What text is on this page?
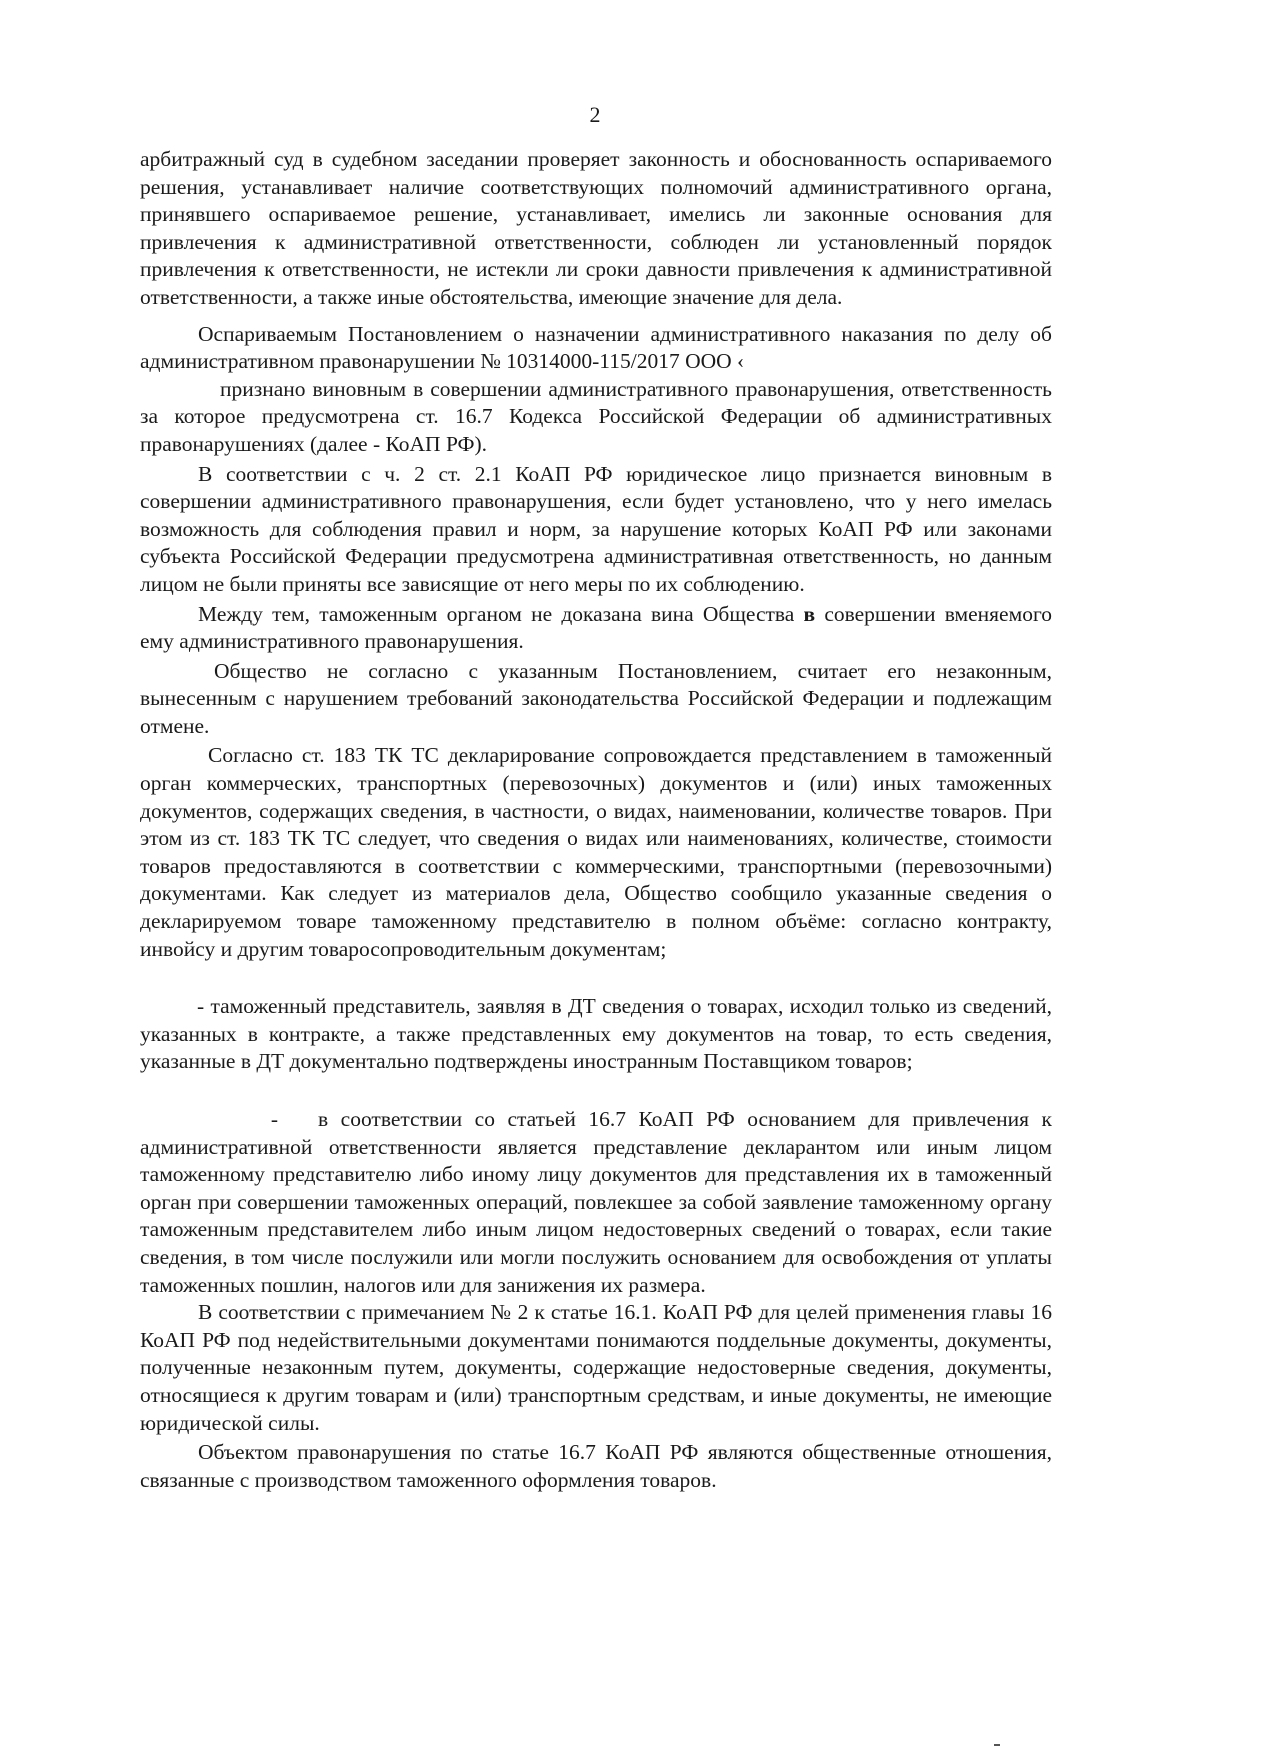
2

арбитражный суд в судебном заседании проверяет законность и обоснованность оспариваемого решения, устанавливает наличие соответствующих полномочий административного органа, принявшего оспариваемое решение, устанавливает, имелись ли законные основания для привлечения к административной ответственности, соблюден ли установленный порядок привлечения к ответственности, не истекли ли сроки давности привлечения к административной ответственности, а также иные обстоятельства, имеющие значение для дела.

Оспариваемым Постановлением о назначении административного наказания по делу об административном правонарушении № 10314000-115/2017 ООО ‹
признано виновным в совершении административного правонарушения, ответственность за которое предусмотрена ст. 16.7 Кодекса Российской Федерации об административных правонарушениях (далее - КоАП РФ).

В соответствии с ч. 2 ст. 2.1 КоАП РФ юридическое лицо признается виновным в совершении административного правонарушения, если будет установлено, что у него имелась возможность для соблюдения правил и норм, за нарушение которых КоАП РФ или законами субъекта Российской Федерации предусмотрена административная ответственность, но данным лицом не были приняты все зависящие от него меры по их соблюдению.

Между тем, таможенным органом не доказана вина Общества в совершении вменяемого ему административного правонарушения.

Общество не согласно с указанным Постановлением, считает его незаконным, вынесенным с нарушением требований законодательства Российской Федерации и подлежащим отмене.

Согласно ст. 183 ТК ТС декларирование сопровождается представлением в таможенный орган коммерческих, транспортных (перевозочных) документов и (или) иных таможенных документов, содержащих сведения, в частности, о видах, наименовании, количестве товаров. При этом из ст. 183 ТК ТС следует, что сведения о видах или наименованиях, количестве, стоимости товаров предоставляются в соответствии с коммерческими, транспортными (перевозочными) документами. Как следует из материалов дела, Общество сообщило указанные сведения о декларируемом товаре таможенному представителю в полном объёме: согласно контракту, инвойсу и другим товаросопроводительным документам;

- таможенный представитель, заявляя в ДТ сведения о товарах, исходил только из сведений, указанных в контракте, а также представленных ему документов на товар, то есть сведения, указанные в ДТ документально подтверждены иностранным Поставщиком товаров;

- в соответствии со статьей 16.7 КоАП РФ основанием для привлечения к административной ответственности является представление декларантом или иным лицом таможенному представителю либо иному лицу документов для представления их в таможенный орган при совершении таможенных операций, повлекшее за собой заявление таможенному органу таможенным представителем либо иным лицом недостоверных сведений о товарах, если такие сведения, в том числе послужили или могли послужить основанием для освобождения от уплаты таможенных пошлин, налогов или для занижения их размера.

В соответствии с примечанием № 2 к статье 16.1. КоАП РФ для целей применения главы 16 КоАП РФ под недействительными документами понимаются поддельные документы, документы, полученные незаконным путем, документы, содержащие недостоверные сведения, документы, относящиеся к другим товарам и (или) транспортным средствам, и иные документы, не имеющие юридической силы.

Объектом правонарушения по статье 16.7 КоАП РФ являются общественные отношения, связанные с производством таможенного оформления товаров.
